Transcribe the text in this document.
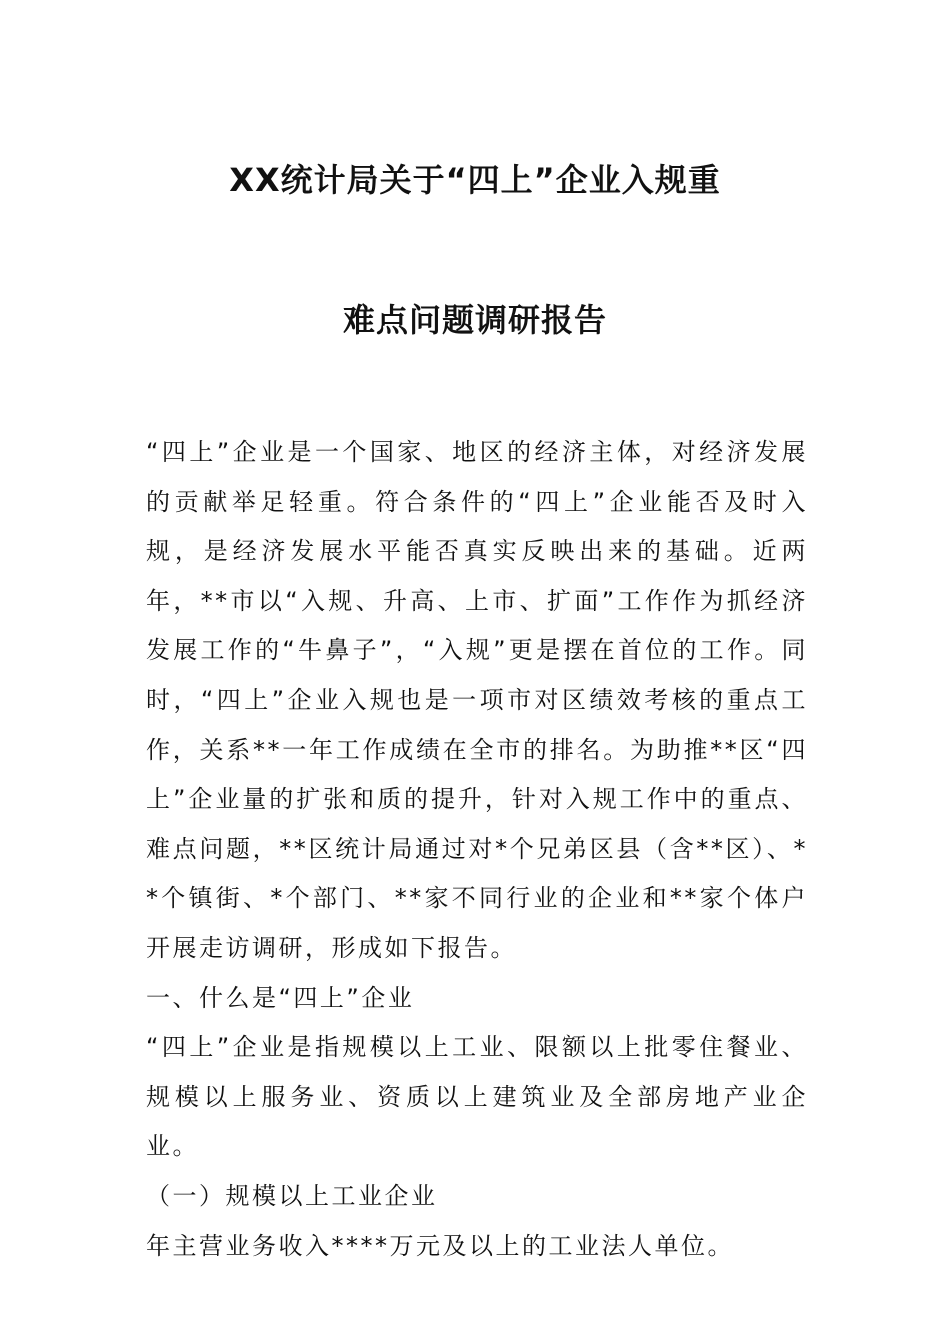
XX统计局关于“四上”企业入规重
难点问题调研报告

“四上”企业是一个国家、地区的经济主体，对经济发展的贡献举足轻重。符合条件的“四上”企业能否及时入规，是经济发展水平能否真实反映出来的基础。近两年，**市以“入规、升高、上市、扩面”工作作为抓经济发展工作的“牛鼻子”，“入规”更是摆在首位的工作。同时，“四上”企业入规也是一项市对区绩效考核的重点工作，关系**一年工作成绩在全市的排名。为助推**区“四上”企业量的扩张和质的提升，针对入规工作中的重点、难点问题，**区统计局通过对*个兄弟区县（含**区）、**个镇街、*个部门、**家不同行业的企业和**家个体户开展走访调研，形成如下报告。

一、什么是“四上”企业

“四上”企业是指规模以上工业、限额以上批零住餐业、规模以上服务业、资质以上建筑业及全部房地产业企业。

（一）规模以上工业企业

年主营业务收入****万元及以上的工业法人单位。
